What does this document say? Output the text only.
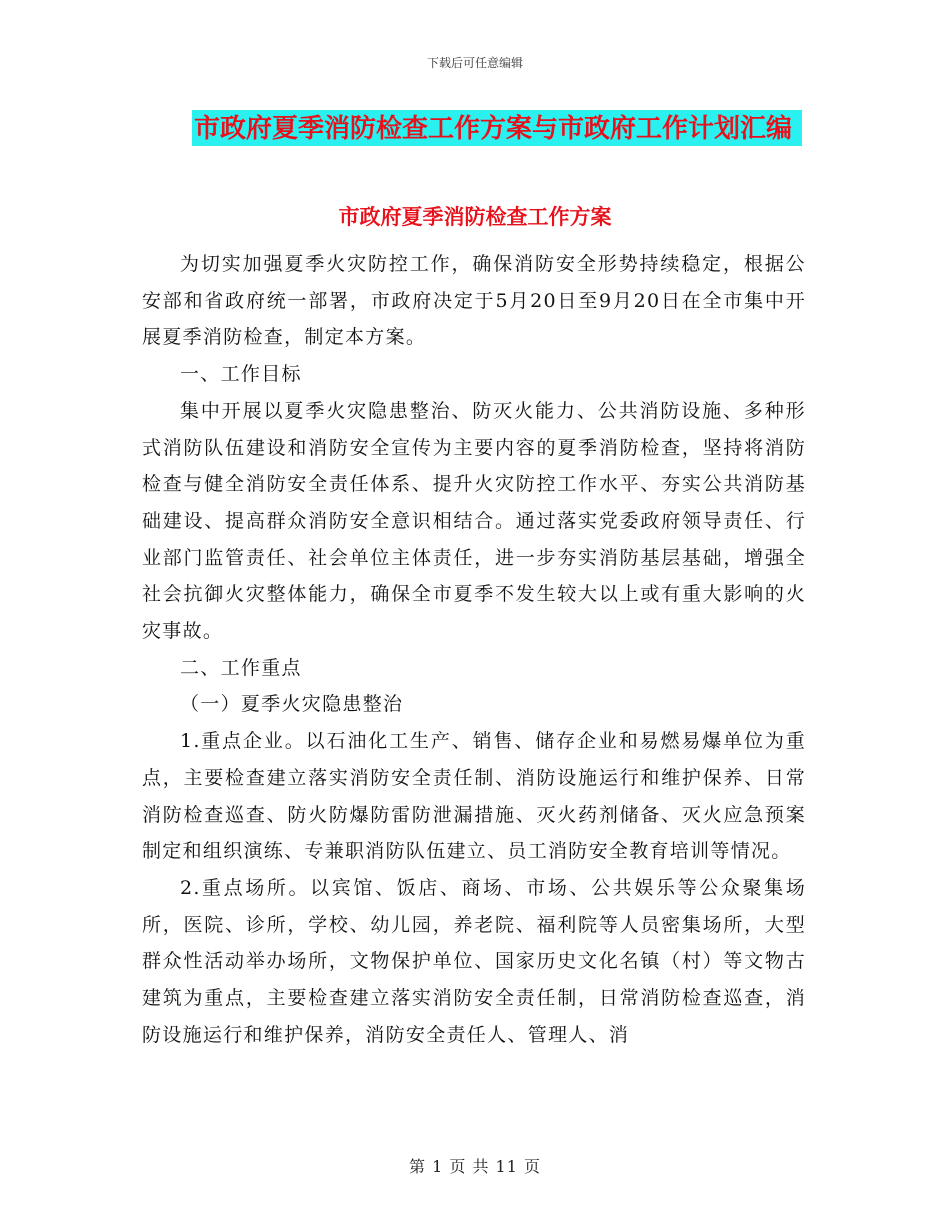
下载后可任意编辑
市政府夏季消防检查工作方案与市政府工作计划汇编
市政府夏季消防检查工作方案

为切实加强夏季火灾防控工作，确保消防安全形势持续稳定，根据公安部和省政府统一部署，市政府决定于5月20日至9月20日在全市集中开展夏季消防检查，制定本方案。

一、工作目标

集中开展以夏季火灾隐患整治、防灭火能力、公共消防设施、多种形式消防队伍建设和消防安全宣传为主要内容的夏季消防检查，坚持将消防检查与健全消防安全责任体系、提升火灾防控工作水平、夯实公共消防基础建设、提高群众消防安全意识相结合。通过落实党委政府领导责任、行业部门监管责任、社会单位主体责任，进一步夯实消防基层基础，增强全社会抗御火灾整体能力，确保全市夏季不发生较大以上或有重大影响的火灾事故。

二、工作重点

（一）夏季火灾隐患整治

1.重点企业。以石油化工生产、销售、储存企业和易燃易爆单位为重点，主要检查建立落实消防安全责任制、消防设施运行和维护保养、日常消防检查巡查、防火防爆防雷防泄漏措施、灭火药剂储备、灭火应急预案制定和组织演练、专兼职消防队伍建立、员工消防安全教育培训等情况。

2.重点场所。以宾馆、饭店、商场、市场、公共娱乐等公众聚集场所，医院、诊所，学校、幼儿园，养老院、福利院等人员密集场所，大型群众性活动举办场所，文物保护单位、国家历史文化名镇（村）等文物古建筑为重点，主要检查建立落实消防安全责任制，日常消防检查巡查，消防设施运行和维护保养，消防安全责任人、管理人、消

第 1 页 共 11 页
